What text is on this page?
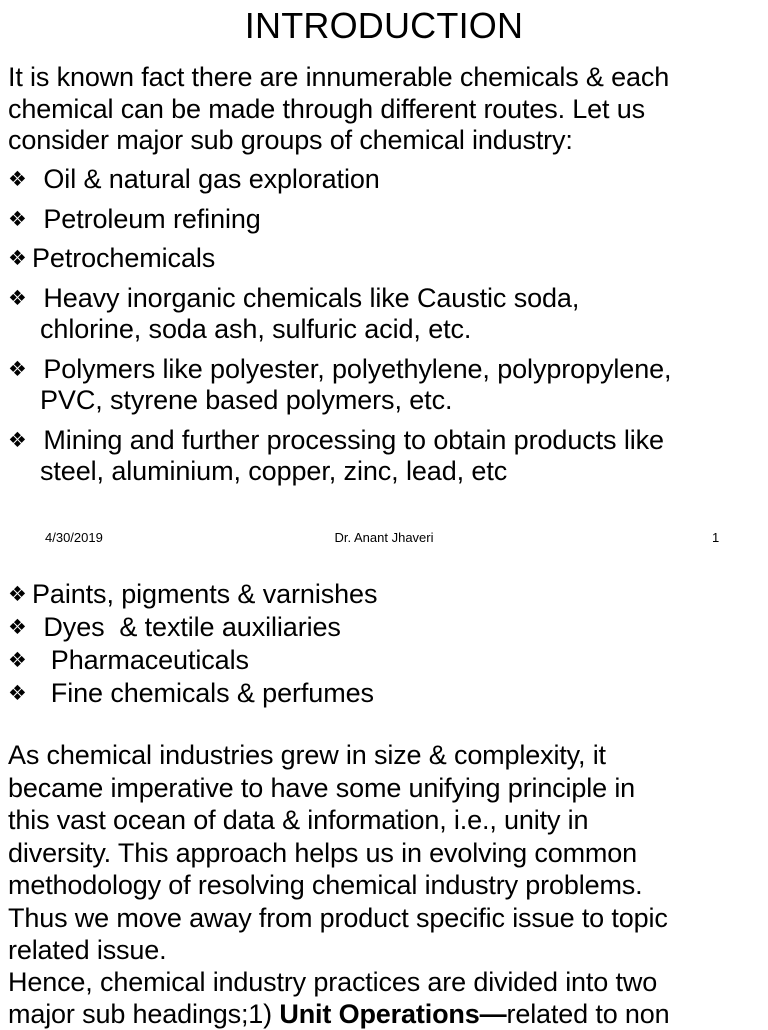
INTRODUCTION
It is known fact there are innumerable chemicals & each
chemical can be made through different routes. Let us
consider major sub groups of chemical industry:
❖ Oil & natural gas exploration
❖ Petroleum refining
❖ Petrochemicals
❖ Heavy inorganic chemicals like Caustic soda,
chlorine, soda ash, sulfuric acid, etc.
❖ Polymers like polyester, polyethylene, polypropylene,
PVC, styrene based polymers, etc.
❖ Mining and further processing to obtain products like
steel, aluminium, copper, zinc, lead, etc
4/30/2019	Dr. Anant Jhaveri	1
❖ Paints, pigments & varnishes
❖ Dyes  & textile auxiliaries
❖  Pharmaceuticals
❖  Fine chemicals & perfumes
As chemical industries grew in size & complexity, it
became imperative to have some unifying principle in
this vast ocean of data & information, i.e., unity in
diversity. This approach helps us in evolving common
methodology of resolving chemical industry problems.
Thus we move away from product specific issue to topic
related issue.
Hence, chemical industry practices are divided into two
major sub headings;1) Unit Operations—related to non
